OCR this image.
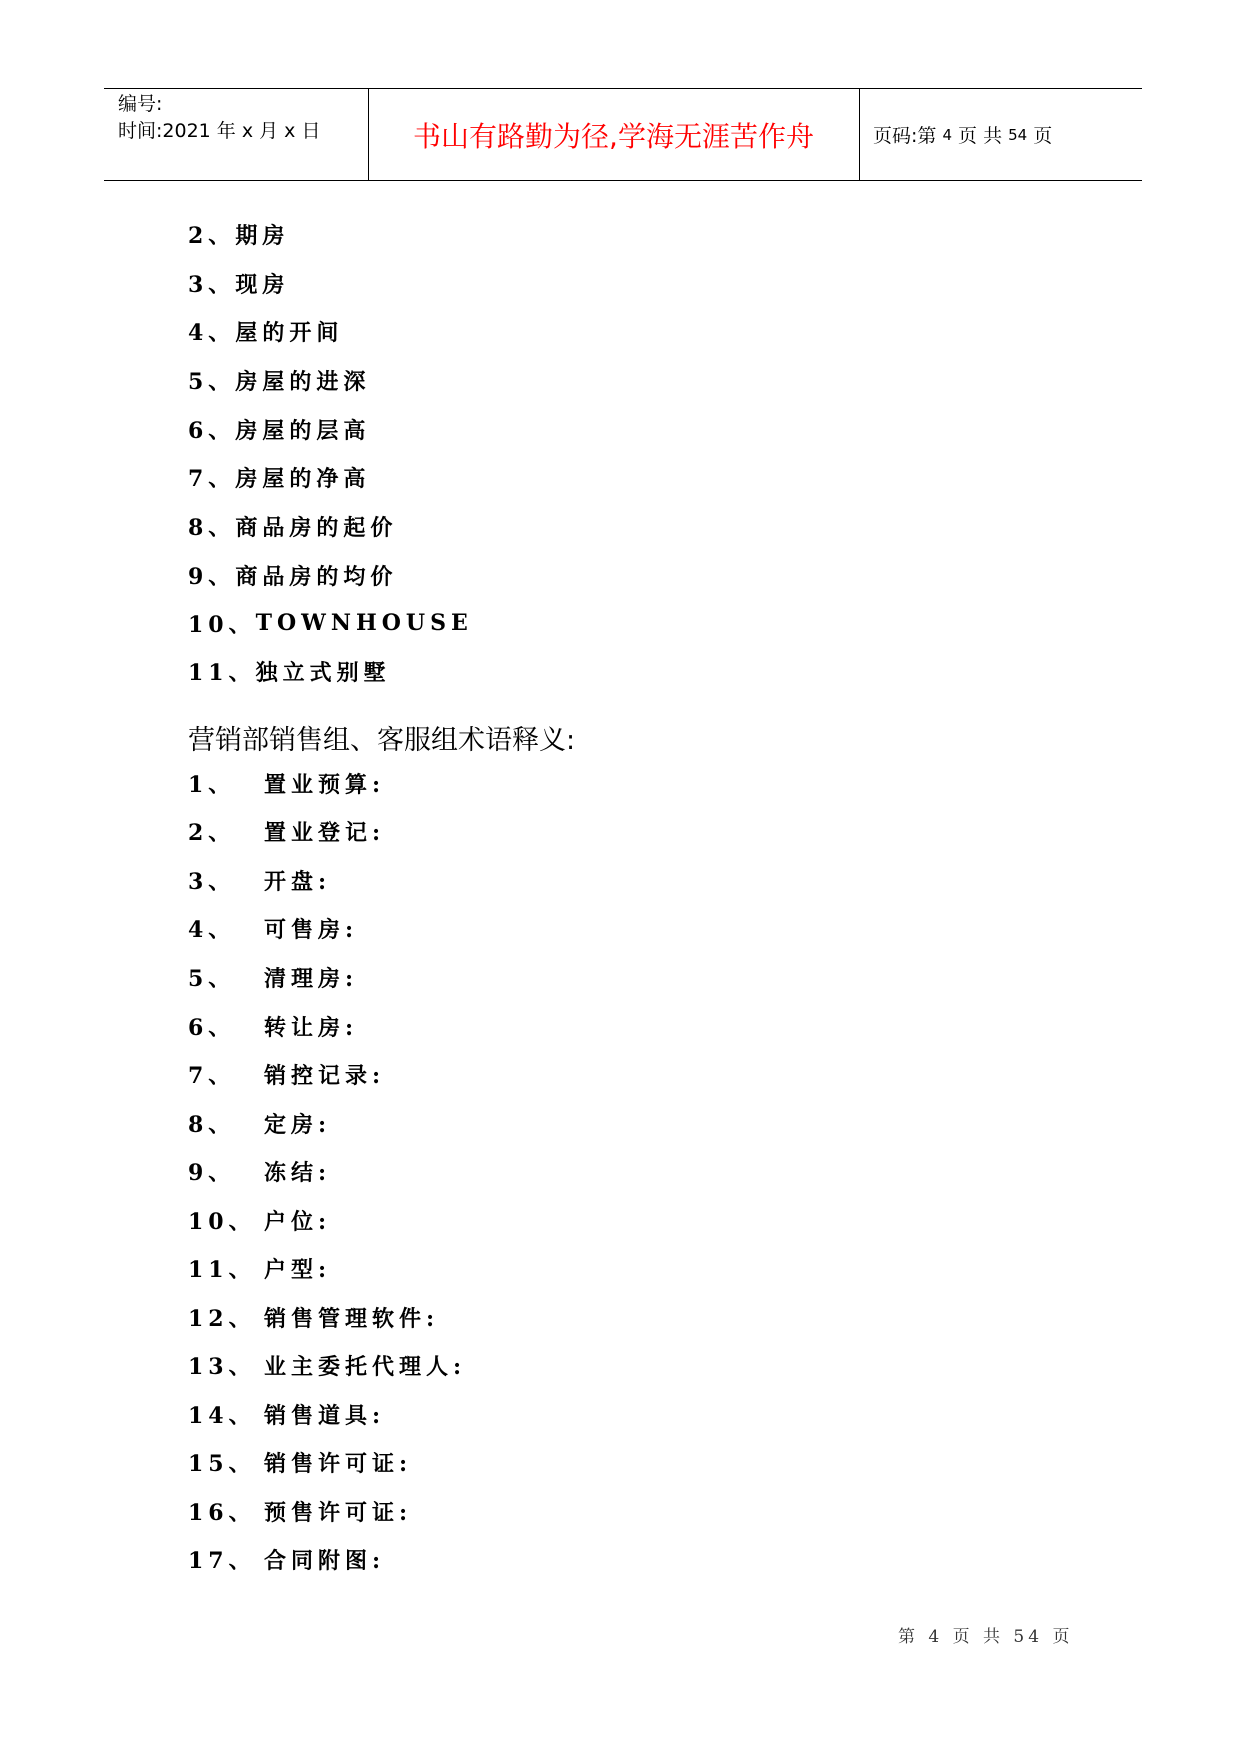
编号:
时间:2021 年 x 月 x 日	书山有路勤为径,学海无涯苦作舟	页码:第
4
页 共
54
页
2、 期房
3、 现房
4、 屋的开间
5、 房屋的进深
6、 房屋的层高
7、 房屋的净高
8、 商品房的起价
9、 商品房的均价
10、 TOWNHOUSE
11、 独立式别墅
营销部销售组、客服组术语释义:
1、	置业预算:
2、	置业登记:
3、	开盘:
4、	可售房:
5、	清理房:
6、	转让房:
7、	销控记录:
8、	定房:
9、	冻结:
10、 户位:
11、 户型:
12、 销售管理软件:
13、 业主委托代理人:
14、 销售道具:
15、 销售许可证:
16、 预售许可证:
17、 合同附图:
第 4 页 共 54 页
